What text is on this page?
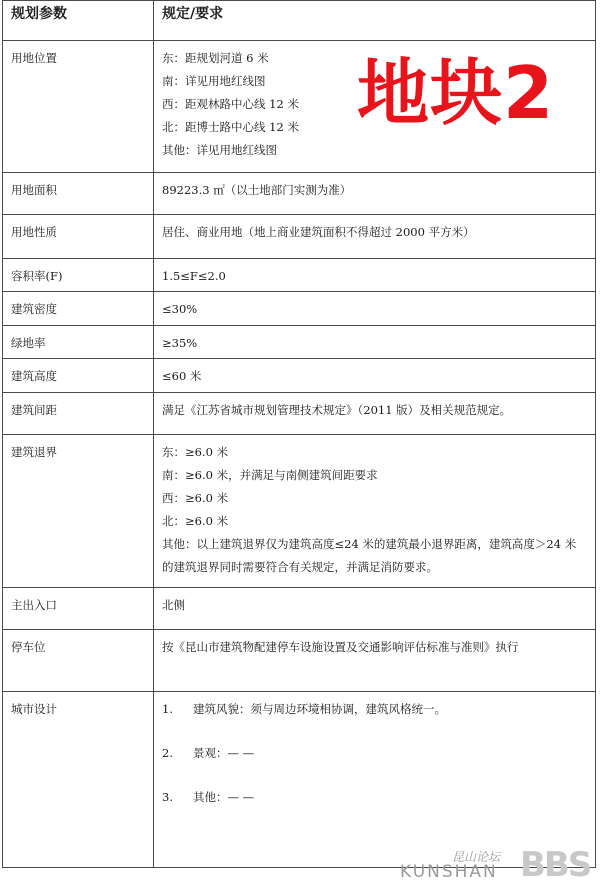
规划参数	规定/要求
用地位置	东：距规划河道 6 米
南：详见用地红线图
西：距观林路中心线 12 米
北：距博士路中心线 12 米
其他：详见用地红线图

用地面积	89223.3 ㎡（以土地部门实测为准）
用地性质	居住、商业用地（地上商业建筑面积不得超过 2000 平方米）
容积率(F)	1.5≤F≤2.0
建筑密度	≤30%
绿地率	≥35%
建筑高度	≤60 米
建筑间距	满足《江苏省城市规划管理技术规定》（2011 版）及相关规范规定。
建筑退界	东：≥6.0 米
南：≥6.0 米，并满足与南侧建筑间距要求
西：≥6.0 米
北：≥6.0 米
其他：以上建筑退界仅为建筑高度≤24 米的建筑最小退界距离，建筑高度＞24 米的建筑退界同时需要符合有关规定，并满足消防要求。

主出入口	北侧
停车位	按《昆山市建筑物配建停车设施设置及交通影响评估标准与准则》执行
城市设计	1. 建筑风貌：须与周边环境相协调，建筑风格统一。
2. 景观：— —
3. 其他：— —
地块2
昆山论坛
KUNSHAN BBS
